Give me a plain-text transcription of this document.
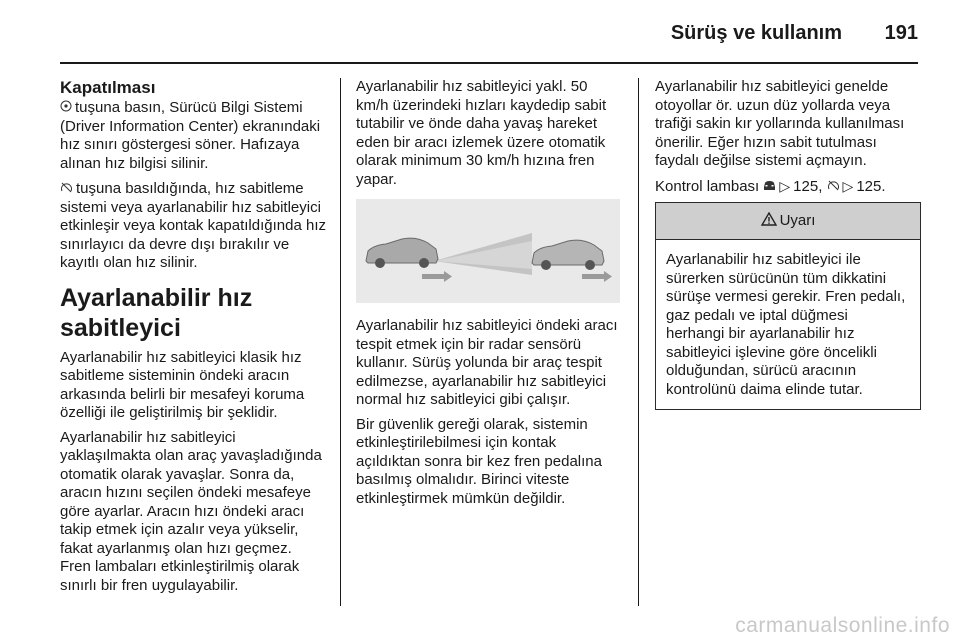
Sürüş ve kullanım 191
Kapatılması

tuşuna basın, Sürücü Bilgi Sistemi (Driver Information Center) ekranındaki hız sınırı göstergesi söner. Hafızaya alınan hız bilgisi silinir.

tuşuna basıldığında, hız sabitleme sistemi veya ayarlanabilir hız sabitleyici etkinleşir veya kontak kapatıldığında hız sınırlayıcı da devre dışı bırakılır ve kayıtlı olan hız silinir.

Ayarlanabilir hız sabitleyici

Ayarlanabilir hız sabitleyici klasik hız sabitleme sisteminin öndeki aracın arkasında belirli bir mesafeyi koruma özelliği ile geliştirilmiş bir şeklidir.

Ayarlanabilir hız sabitleyici yaklaşılmakta olan araç yavaşladığında otomatik olarak yavaşlar. Sonra da, aracın hızını seçilen öndeki mesafeye göre ayarlar. Aracın hızı öndeki aracı takip etmek için azalır veya yükselir, fakat ayarlanmış olan hızı geçmez. Fren lambaları etkinleştirilmiş olarak sınırlı bir fren uygulayabilir.

Ayarlanabilir hız sabitleyici yakl. 50 km/h üzerindeki hızları kaydedip sabit tutabilir ve önde daha yavaş hareket eden bir aracı izlemek üzere otomatik olarak minimum 30 km/h hızına fren yapar.

Ayarlanabilir hız sabitleyici öndeki aracı tespit etmek için bir radar sensörü kullanır. Sürüş yolunda bir araç tespit edilmezse, ayarlanabilir hız sabitleyici normal hız sabitleyici gibi çalışır.

Bir güvenlik gereği olarak, sistemin etkinleştirilebilmesi için kontak açıldıktan sonra bir kez fren pedalına basılmış olmalıdır. Birinci viteste etkinleştirmek mümkün değildir.

Ayarlanabilir hız sabitleyici genelde otoyollar ör. uzun düz yollarda veya trafiği sakin kır yollarında kullanılması önerilir. Eğer hızın sabit tutulması faydalı değilse sistemi açmayın.

Kontrol lambası ▷ 125, ▷ 125.

Uyarı
Ayarlanabilir hız sabitleyici ile sürerken sürücünün tüm dikkatini sürüşe vermesi gerekir. Fren pedalı, gaz pedalı ve iptal düğmesi herhangi bir ayarlanabilir hız sabitleyici işlevine göre öncelikli olduğundan, sürücü aracının kontrolünü daima elinde tutar.
carmanualsonline.info
